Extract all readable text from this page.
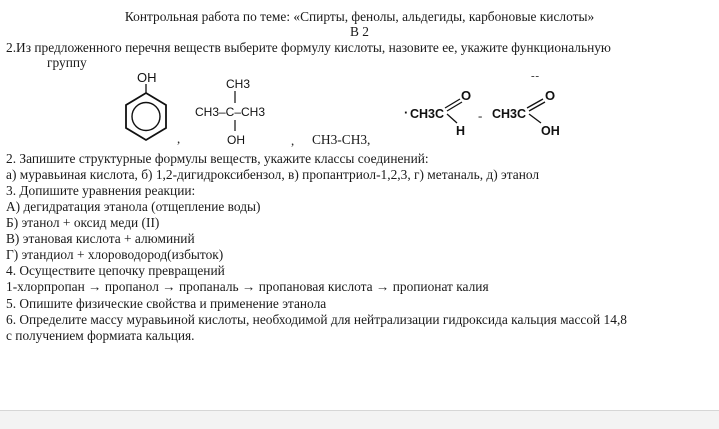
Контрольная работа по теме: «Спирты, фенолы, альдегиды, карбоновые кислоты»
В 2
2.Из предложенного перечня веществ выберите формулу кислоты, назовите ее, укажите функциональную
группу
OH
,
CH3
CH3–C–CH3
OH	, CH3-CH3,
· CH3C
O
H
-
- -
CH3C
O
OH
2. Запишите структурные формулы веществ, укажите классы соединений:
а) муравьиная кислота, б) 1,2-дигидроксибензол, в) пропантриол-1,2,3, г) метаналь, д) этанол
3. Допишите уравнения реакции:
А) дегидратация этанола (отщепление воды)
Б) этанол + оксид меди (II)
В) этановая кислота + алюминий
Г) этандиол + хлороводород(избыток)
4. Осуществите цепочку превращений
1-хлорпропан → пропанол → пропаналь → пропановая кислота → пропионат калия
5. Опишите физические свойства и применение этанола
6. Определите массу муравьиной кислоты, необходимой для нейтрализации гидроксида кальция массой 14,8
с получением формиата кальция.
